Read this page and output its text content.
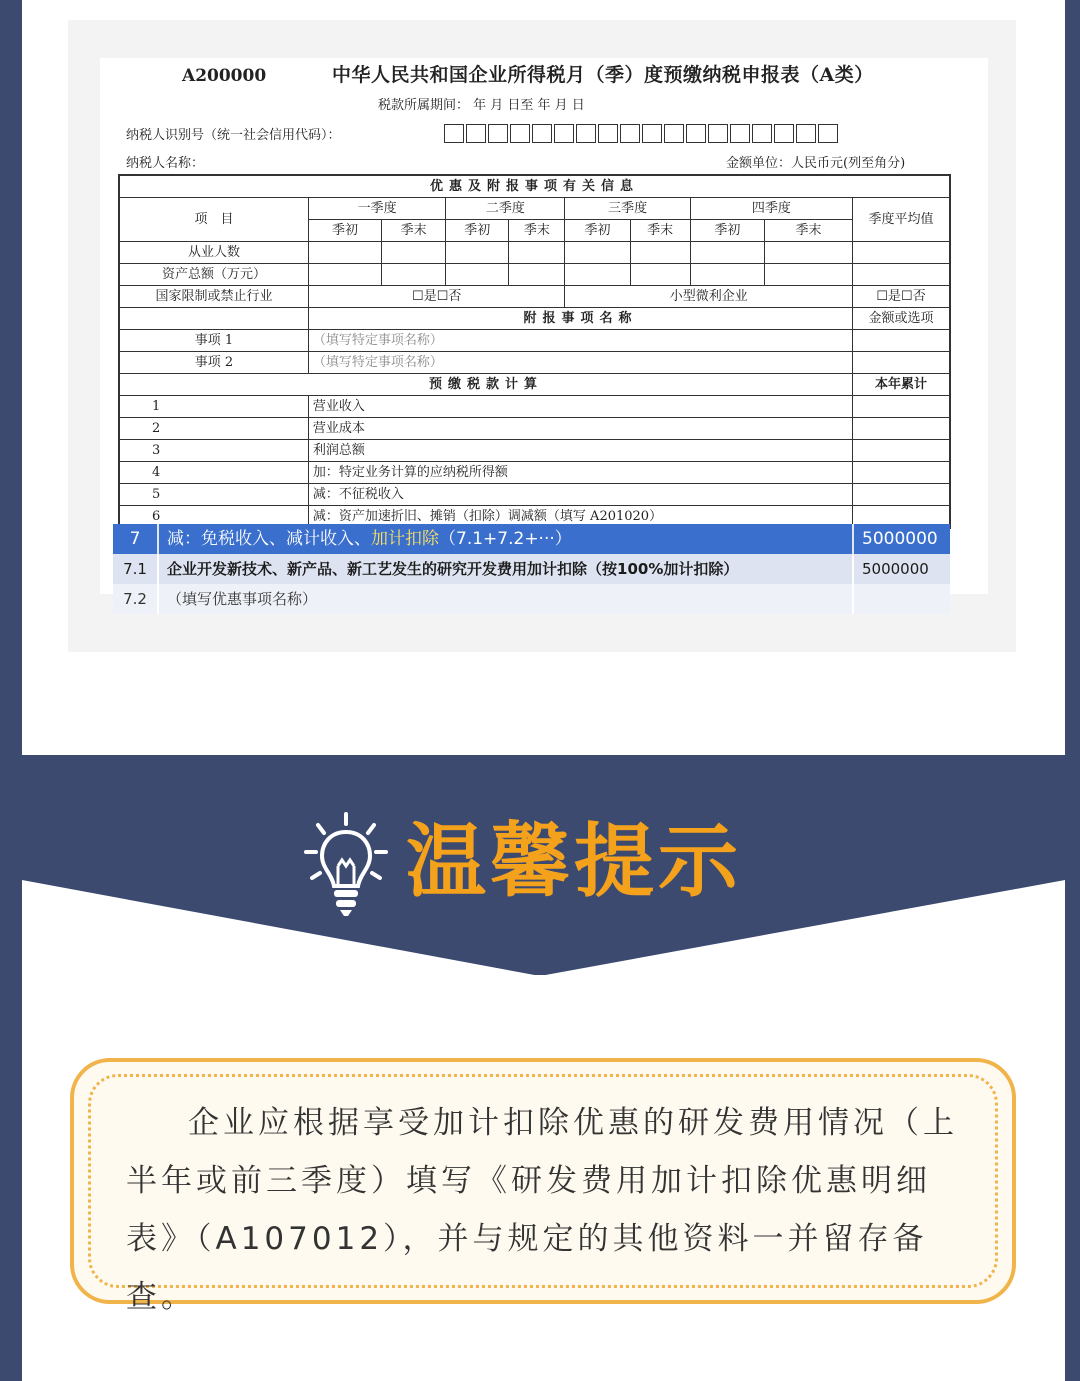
A200000	中华人民共和国企业所得税月（季）度预缴纳税申报表（A类）
税款所属期间： 年 月 日至 年 月 日
纳税人识别号（统一社会信用代码）：
纳税人名称：	金额单位：人民币元(列至角分)
优惠及附报事项有关信息									
项　目	一季度		二季度		三季度		四季度		季度平均值
	季初	季末	季初	季末	季初	季末	季初	季末	
从业人数									
资产总额（万元）									
国家限制或禁止行业	☐是☐否				小型微利企业				☐是☐否
	附报事项名称								金额或选项
事项 1	（填写特定事项名称）								
事项 2	（填写特定事项名称）								
预缴税款计算									本年累计
1	营业收入								
2	营业成本								
3	利润总额								
4	加：特定业务计算的应纳税所得额								
5	减：不征税收入								
6	减：资产加速折旧、摊销（扣除）调减额（填写 A201020）								
7	减：免税收入、减计收入、加计扣除（7.1+7.2+···）	5000000
7.1	企业开发新技术、新产品、新工艺发生的研究开发费用加计扣除（按100%加计扣除）	5000000
7.2	（填写优惠事项名称）
温馨提示
企业应根据享受加计扣除优惠的研发费用情况（上半年或前三季度）填写《研发费用加计扣除优惠明细表》（A107012），并与规定的其他资料一并留存备查。
